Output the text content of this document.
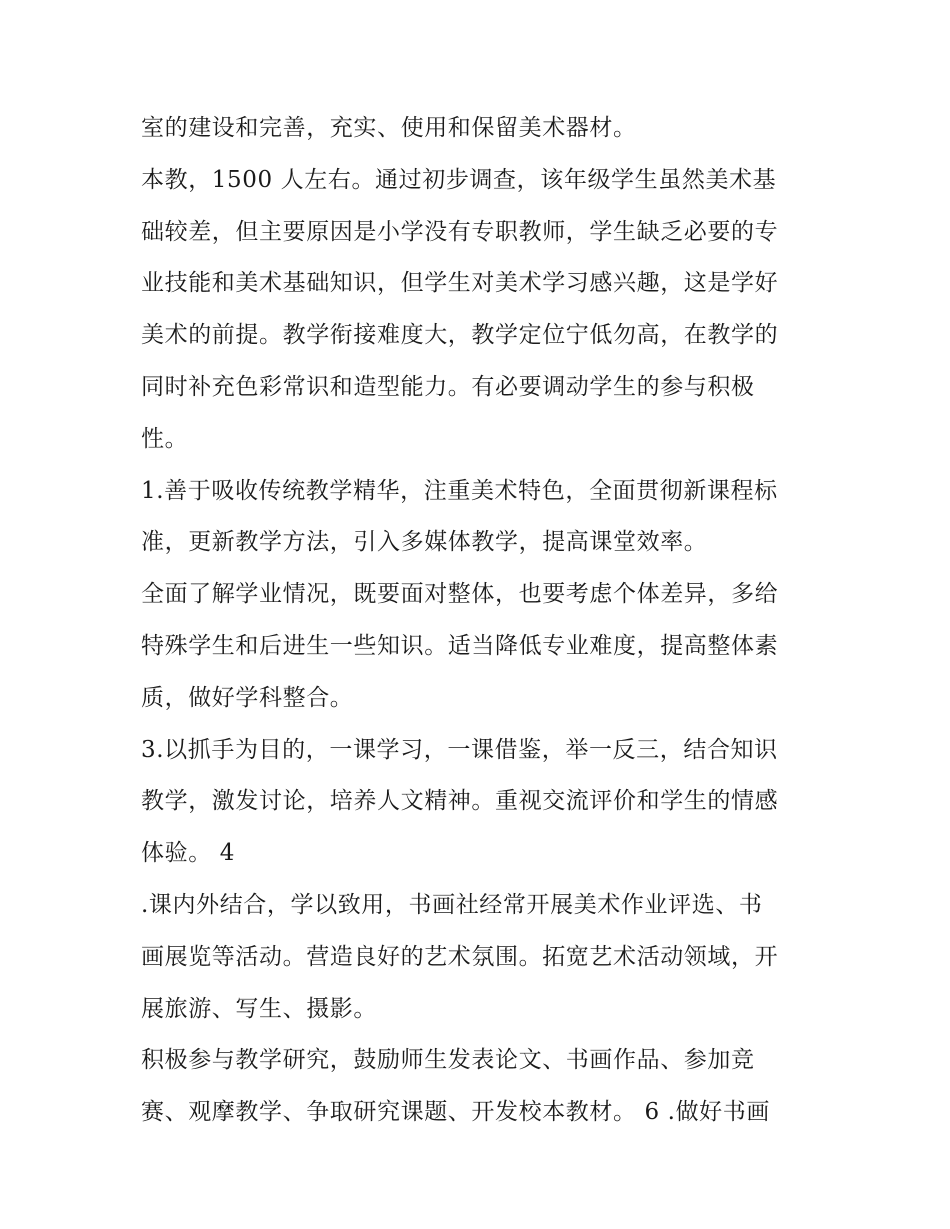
室的建设和完善，充实、使用和保留美术器材。
本教，1500 人左右。通过初步调查，该年级学生虽然美术基
础较差，但主要原因是小学没有专职教师，学生缺乏必要的专
业技能和美术基础知识，但学生对美术学习感兴趣，这是学好
美术的前提。教学衔接难度大，教学定位宁低勿高，在教学的
同时补充色彩常识和造型能力。有必要调动学生的参与积极
性。
1.善于吸收传统教学精华，注重美术特色，全面贯彻新课程标
准，更新教学方法，引入多媒体教学，提高课堂效率。
全面了解学业情况，既要面对整体，也要考虑个体差异，多给
特殊学生和后进生一些知识。适当降低专业难度，提高整体素
质，做好学科整合。
3.以抓手为目的，一课学习，一课借鉴，举一反三，结合知识
教学，激发讨论，培养人文精神。重视交流评价和学生的情感
体验。 4
.课内外结合，学以致用，书画社经常开展美术作业评选、书
画展览等活动。营造良好的艺术氛围。拓宽艺术活动领域，开
展旅游、写生、摄影。
积极参与教学研究，鼓励师生发表论文、书画作品、参加竞
赛、观摩教学、争取研究课题、开发校本教材。 6 .做好书画
